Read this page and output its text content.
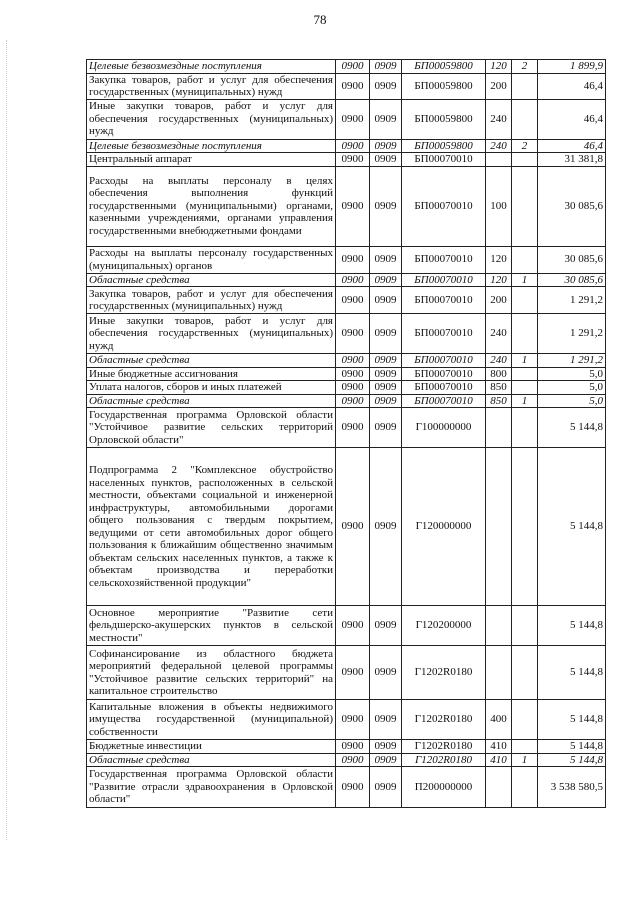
78
Целевые безвозмездные поступления	0900	0909	БП00059800	120	2	1 899,9
Закупка товаров, работ и услуг для обеспечения государственных (муниципальных) нужд	0900	0909	БП00059800	200		46,4
Иные закупки товаров, работ и услуг для обеспечения государственных (муниципальных) нужд	0900	0909	БП00059800	240		46,4
Целевые безвозмездные поступления	0900	0909	БП00059800	240	2	46,4
Центральный аппарат	0900	0909	БП00070010			31 381,8
Расходы на выплаты персоналу в целях обеспечения выполнения функций государственными (муниципальными) органами, казенными учреждениями, органами управления государственными внебюджетными фондами	0900	0909	БП00070010	100		30 085,6
Расходы на выплаты персоналу государственных (муниципальных) органов	0900	0909	БП00070010	120		30 085,6
Областные средства	0900	0909	БП00070010	120	1	30 085,6
Закупка товаров, работ и услуг для обеспечения государственных (муниципальных) нужд	0900	0909	БП00070010	200		1 291,2
Иные закупки товаров, работ и услуг для обеспечения государственных (муниципальных) нужд	0900	0909	БП00070010	240		1 291,2
Областные средства	0900	0909	БП00070010	240	1	1 291,2
Иные бюджетные ассигнования	0900	0909	БП00070010	800		5,0
Уплата налогов, сборов и иных платежей	0900	0909	БП00070010	850		5,0
Областные средства	0900	0909	БП00070010	850	1	5,0
Государственная программа Орловской области "Устойчивое развитие сельских территорий Орловской области"	0900	0909	Г100000000			5 144,8
Подпрограмма 2 "Комплексное обустройство населенных пунктов, расположенных в сельской местности, объектами социальной и инженерной инфраструктуры, автомобильными дорогами общего пользования с твердым покрытием, ведущими от сети автомобильных дорог общего пользования к ближайшим общественно значимым объектам сельских населенных пунктов, а также к объектам производства и переработки сельскохозяйственной продукции"	0900	0909	Г120000000			5 144,8
Основное мероприятие "Развитие сети фельдшерско-акушерских пунктов в сельской местности"	0900	0909	Г120200000			5 144,8
Софинансирование из областного бюджета мероприятий федеральной целевой программы "Устойчивое развитие сельских территорий" на капитальное строительство	0900	0909	Г1202R0180			5 144,8
Капитальные вложения в объекты недвижимого имущества государственной (муниципальной) собственности	0900	0909	Г1202R0180	400		5 144,8
Бюджетные инвестиции	0900	0909	Г1202R0180	410		5 144,8
Областные средства	0900	0909	Г1202R0180	410	1	5 144,8
Государственная программа Орловской области "Развитие отрасли здравоохранения в Орловской области"	0900	0909	П200000000			3 538 580,5
